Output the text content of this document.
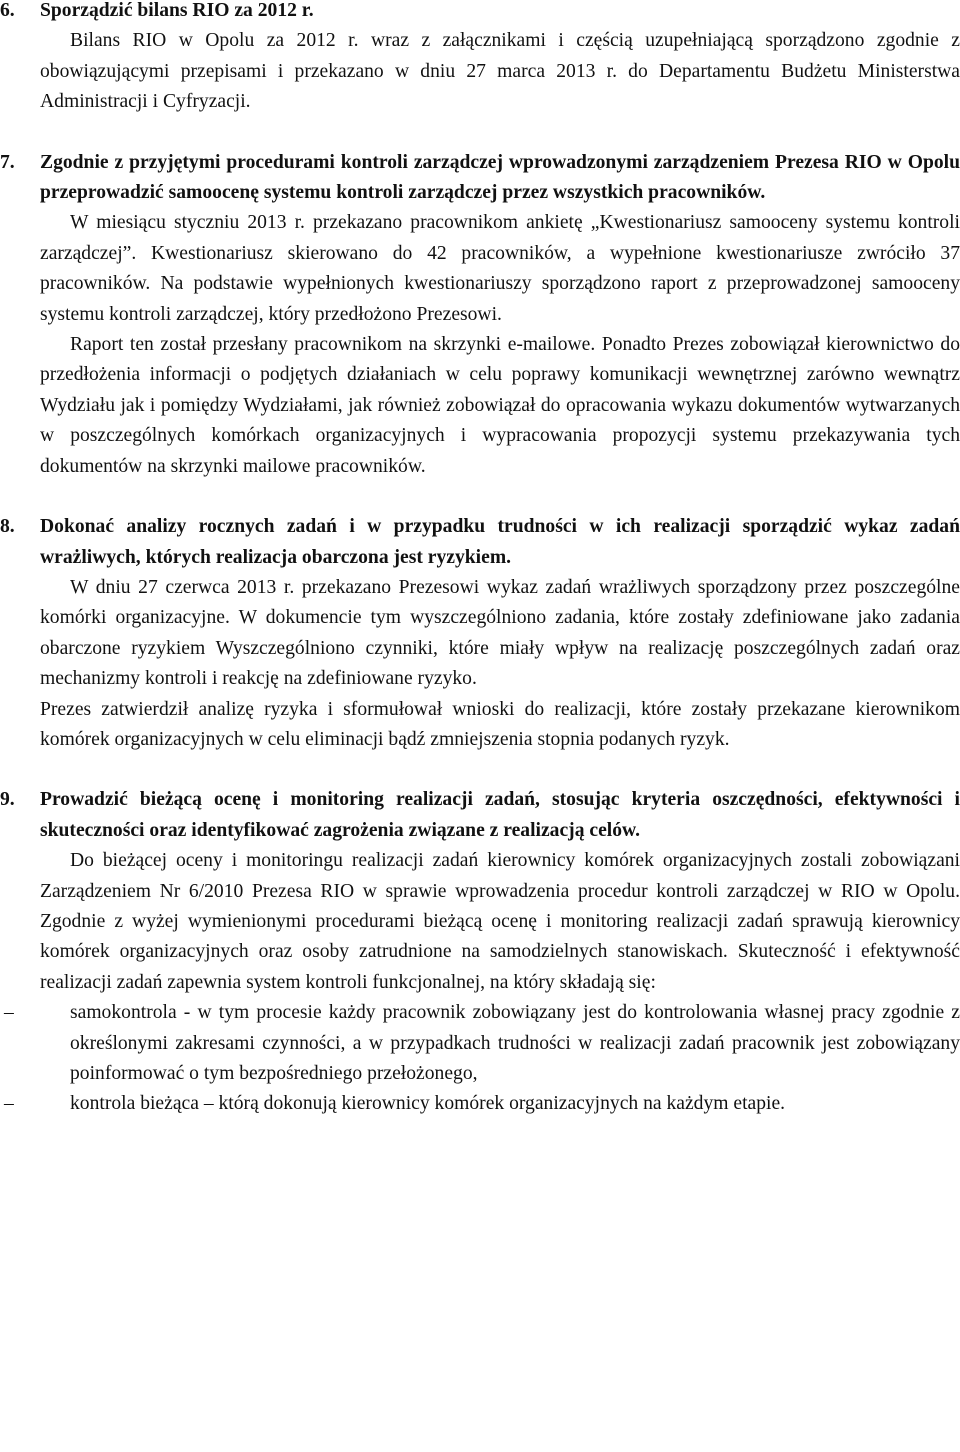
6. Sporządzić bilans RIO za 2012 r.

Bilans RIO w Opolu za 2012 r. wraz z załącznikami i częścią uzupełniającą sporządzono zgodnie z obowiązującymi przepisami i przekazano w dniu 27 marca 2013 r. do Departamentu Budżetu Ministerstwa Administracji i Cyfryzacji.

7. Zgodnie z przyjętymi procedurami kontroli zarządczej wprowadzonymi zarządzeniem Prezesa RIO w Opolu przeprowadzić samoocenę systemu kontroli zarządczej przez wszystkich pracowników.

W miesiącu styczniu 2013 r. przekazano pracownikom ankietę „Kwestionariusz samooceny systemu kontroli zarządczej”. Kwestionariusz skierowano do 42 pracowników, a wypełnione kwestionariusze zwróciło 37 pracowników. Na podstawie wypełnionych kwestionariuszy sporządzono raport z przeprowadzonej samooceny systemu kontroli zarządczej, który przedłożono Prezesowi.

Raport ten został przesłany pracownikom na skrzynki e-mailowe. Ponadto Prezes zobowiązał kierownictwo do przedłożenia informacji o podjętych działaniach w celu poprawy komunikacji wewnętrznej zarówno wewnątrz Wydziału jak i pomiędzy Wydziałami, jak również zobowiązał do opracowania wykazu dokumentów wytwarzanych w poszczególnych komórkach organizacyjnych i wypracowania propozycji systemu przekazywania tych dokumentów na skrzynki mailowe pracowników.

8. Dokonać analizy rocznych zadań i w przypadku trudności w ich realizacji sporządzić wykaz zadań wrażliwych, których realizacja obarczona jest ryzykiem.

W dniu 27 czerwca 2013 r. przekazano Prezesowi wykaz zadań wrażliwych sporządzony przez poszczególne komórki organizacyjne. W dokumencie tym wyszczególniono zadania, które zostały zdefiniowane jako zadania obarczone ryzykiem Wyszczególniono czynniki, które miały wpływ na realizację poszczególnych zadań oraz mechanizmy kontroli i reakcję na zdefiniowane ryzyko.

Prezes zatwierdził analizę ryzyka i sformułował wnioski do realizacji, które zostały przekazane kierownikom komórek organizacyjnych w celu eliminacji bądź zmniejszenia stopnia podanych ryzyk.

9. Prowadzić bieżącą ocenę i monitoring realizacji zadań, stosując kryteria oszczędności, efektywności i skuteczności oraz identyfikować zagrożenia związane z realizacją celów.

Do bieżącej oceny i monitoringu realizacji zadań kierownicy komórek organizacyjnych zostali zobowiązani Zarządzeniem Nr 6/2010 Prezesa RIO w sprawie wprowadzenia procedur kontroli zarządczej w RIO w Opolu. Zgodnie z wyżej wymienionymi procedurami bieżącą ocenę i monitoring realizacji zadań sprawują kierownicy komórek organizacyjnych oraz osoby zatrudnione na samodzielnych stanowiskach. Skuteczność i efektywność realizacji zadań zapewnia system kontroli funkcjonalnej, na który składają się:

–	samokontrola - w tym procesie każdy pracownik zobowiązany jest do kontrolowania własnej pracy zgodnie z określonymi zakresami czynności, a w przypadkach trudności w realizacji zadań pracownik jest zobowiązany poinformować o tym bezpośredniego przełożonego,
–	kontrola bieżąca – którą dokonują kierownicy komórek organizacyjnych na każdym etapie.
